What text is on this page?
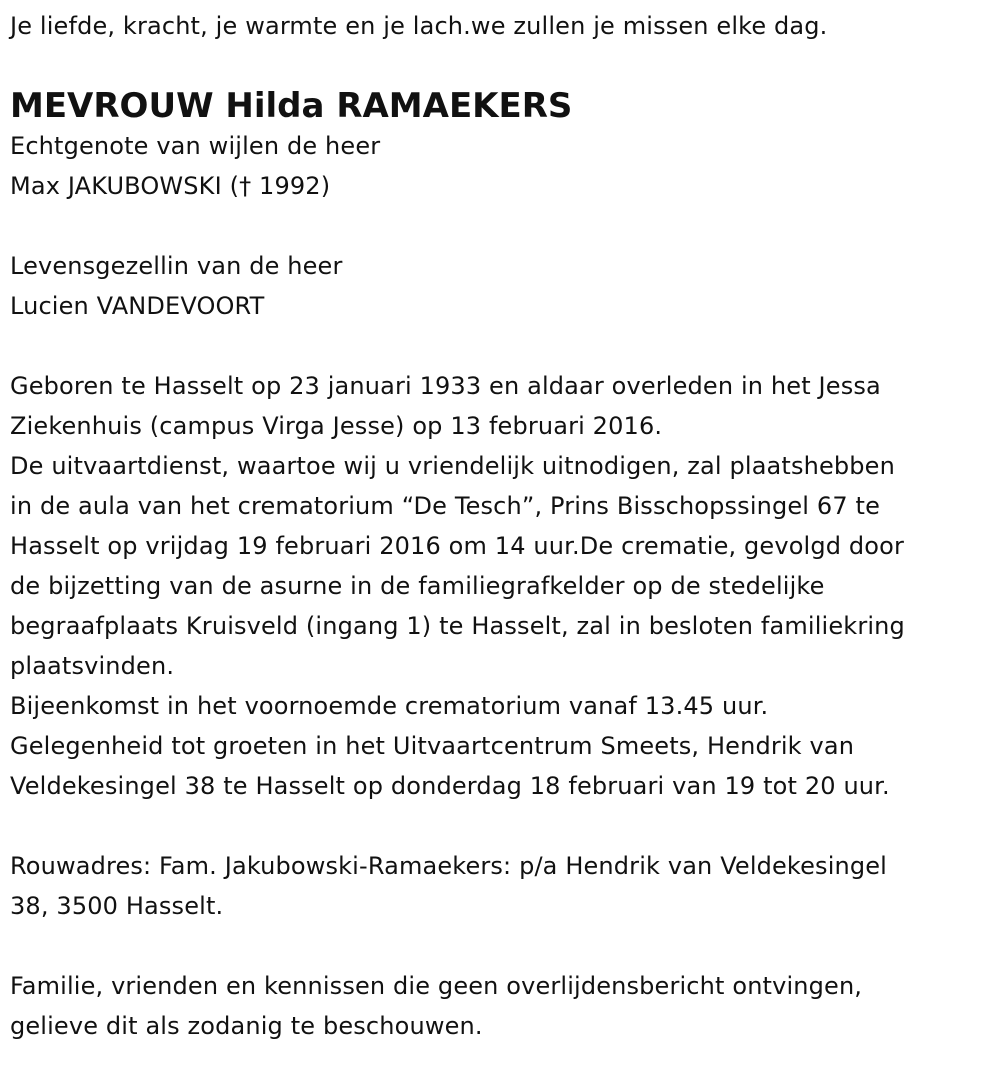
Je liefde, kracht, je warmte en je lach.we zullen je missen elke dag.
MEVROUW Hilda RAMAEKERS
Echtgenote van wijlen de heer
Max JAKUBOWSKI († 1992)
Levensgezellin van de heer
Lucien VANDEVOORT
Geboren te Hasselt op 23 januari 1933 en aldaar overleden in het Jessa
Ziekenhuis (campus Virga Jesse) op 13 februari 2016.
De uitvaartdienst, waartoe wij u vriendelijk uitnodigen, zal plaatshebben
in de aula van het crematorium “De Tesch”, Prins Bisschopssingel 67 te
Hasselt op vrijdag 19 februari 2016 om 14 uur.De crematie, gevolgd door
de bijzetting van de asurne in de familiegrafkelder op de stedelijke
begraafplaats Kruisveld (ingang 1) te Hasselt, zal in besloten familiekring
plaatsvinden.
Bijeenkomst in het voornoemde crematorium vanaf 13.45 uur.
Gelegenheid tot groeten in het Uitvaartcentrum Smeets, Hendrik van
Veldekesingel 38 te Hasselt op donderdag 18 februari van 19 tot 20 uur.
Rouwadres: Fam. Jakubowski-Ramaekers: p/a Hendrik van Veldekesingel
38, 3500 Hasselt.
Familie, vrienden en kennissen die geen overlijdensbericht ontvingen,
gelieve dit als zodanig te beschouwen.
